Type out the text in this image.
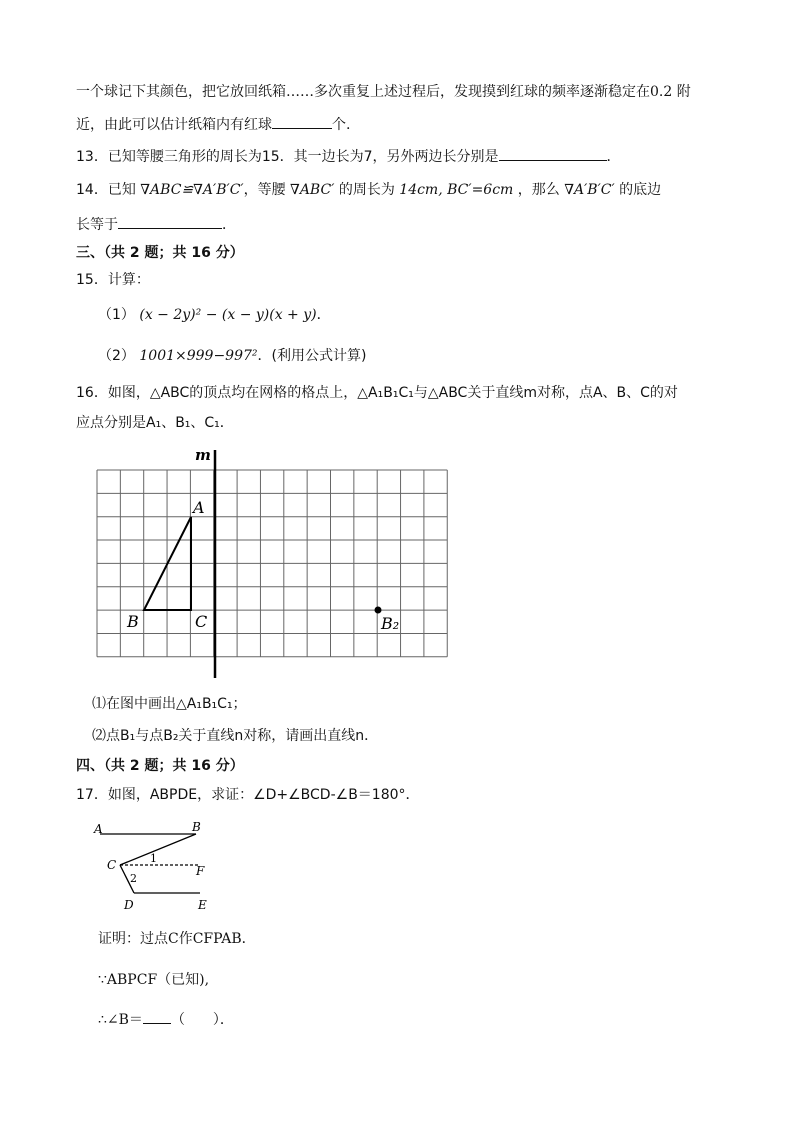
一个球记下其颜色，把它放回纸箱……多次重复上述过程后，发现摸到红球的频率逐渐稳定在0.2 附
近，由此可以估计纸箱内有红球	个.
13．已知等腰三角形的周长为15．其一边长为7，另外两边长分别是	．
14．已知 ∇ABC≌∇A′B′C′，等腰 ∇ABC′ 的周长为 14cm, BC′=6cm ，那么 ∇A′B′C′ 的底边
长等于	．
三、（共 2 题；共 16 分）
15．计算：
（1） (x − 2y)² − (x − y)(x + y)．
（2） 1001×999−997²．(利用公式计算)
16．如图，△ABC的顶点均在网格的格点上，△A₁B₁C₁与△ABC关于直线m对称，点A、B、C的对
应点分别是A₁、B₁、C₁．
m
A
B	C	B₂
⑴在图中画出△A₁B₁C₁；
⑵点B₁与点B₂关于直线n对称，请画出直线n．
四、（共 2 题；共 16 分）
17．如图，ABPDE，求证：∠D+∠BCD-∠B＝180°．
A	B
C	F
D	E
1
2
证明：过点C作CFPAB．
∵ABPCF（已知),
∴∠B＝ （　　）．
